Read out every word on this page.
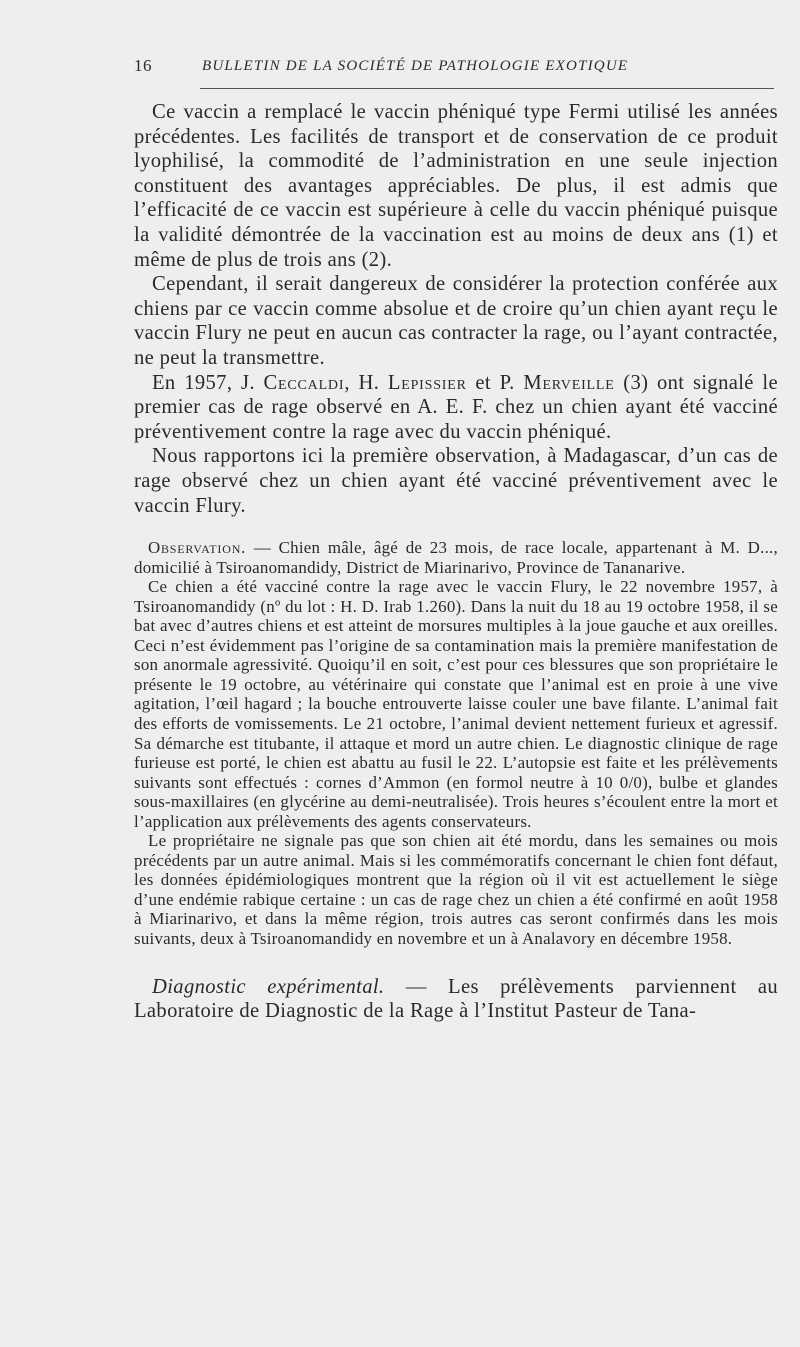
16	BULLETIN DE LA SOCIÉTÉ DE PATHOLOGIE EXOTIQUE

Ce vaccin a remplacé le vaccin phéniqué type Fermi utilisé les années précédentes. Les facilités de transport et de conservation de ce produit lyophilisé, la commodité de l’administration en une seule injection constituent des avantages appréciables. De plus, il est admis que l’efficacité de ce vaccin est supérieure à celle du vaccin phéniqué puisque la validité démontrée de la vaccination est au moins de deux ans (1) et même de plus de trois ans (2).

Cependant, il serait dangereux de considérer la protection conférée aux chiens par ce vaccin comme absolue et de croire qu’un chien ayant reçu le vaccin Flury ne peut en aucun cas contracter la rage, ou l’ayant contractée, ne peut la transmettre.

En 1957, J. Ceccaldi, H. Lepissier et P. Merveille (3) ont signalé le premier cas de rage observé en A. E. F. chez un chien ayant été vacciné préventivement contre la rage avec du vaccin phéniqué.

Nous rapportons ici la première observation, à Madagascar, d’un cas de rage observé chez un chien ayant été vacciné préventivement avec le vaccin Flury.

Observation. — Chien mâle, âgé de 23 mois, de race locale, appartenant à M. D..., domicilié à Tsiroanomandidy, District de Miarinarivo, Province de Tananarive.

Ce chien a été vacciné contre la rage avec le vaccin Flury, le 22 novembre 1957, à Tsiroanomandidy (nº du lot : H. D. Irab 1.260). Dans la nuit du 18 au 19 octobre 1958, il se bat avec d’autres chiens et est atteint de morsures multiples à la joue gauche et aux oreilles. Ceci n’est évidemment pas l’origine de sa contamination mais la première manifestation de son anormale agressivité. Quoiqu’il en soit, c’est pour ces blessures que son propriétaire le présente le 19 octobre, au vétérinaire qui constate que l’animal est en proie à une vive agitation, l’œil hagard ; la bouche entrouverte laisse couler une bave filante. L’animal fait des efforts de vomissements. Le 21 octobre, l’animal devient nettement furieux et agressif. Sa démarche est titubante, il attaque et mord un autre chien. Le diagnostic clinique de rage furieuse est porté, le chien est abattu au fusil le 22. L’autopsie est faite et les prélèvements suivants sont effectués : cornes d’Ammon (en formol neutre à 10 0/0), bulbe et glandes sous-maxillaires (en glycérine au demi-neutralisée). Trois heures s’écoulent entre la mort et l’application aux prélèvements des agents conservateurs.

Le propriétaire ne signale pas que son chien ait été mordu, dans les semaines ou mois précédents par un autre animal. Mais si les commémoratifs concernant le chien font défaut, les données épidémiologiques montrent que la région où il vit est actuellement le siège d’une endémie rabique certaine : un cas de rage chez un chien a été confirmé en août 1958 à Miarinarivo, et dans la même région, trois autres cas seront confirmés dans les mois suivants, deux à Tsiroanomandidy en novembre et un à Analavory en décembre 1958.

Diagnostic expérimental. — Les prélèvements parviennent au Laboratoire de Diagnostic de la Rage à l’Institut Pasteur de Tana-
